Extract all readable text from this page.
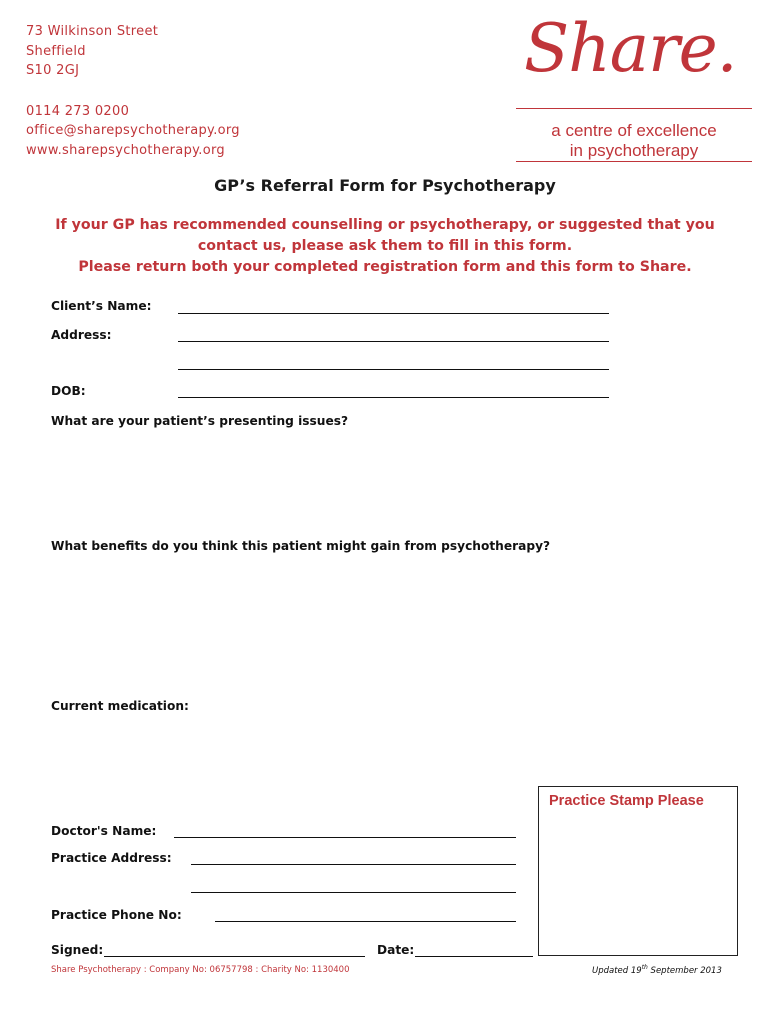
73 Wilkinson Street
Sheffield
S10 2GJ
0114 273 0200
office@sharepsychotherapy.org
www.sharepsychotherapy.org
Share.
a centre of excellence
in psychotherapy
GP’s Referral Form for Psychotherapy
If your GP has recommended counselling or psychotherapy, or suggested that you
contact us, please ask them to fill in this form.
Please return both your completed registration form and this form to Share.
Client’s Name:
Address:
DOB:
What are your patient’s presenting issues?
What benefits do you think this patient might gain from psychotherapy?
Current medication:
Practice Stamp Please
Doctor's Name:
Practice Address:
Practice Phone No:
Signed:	Date:
Share Psychotherapy : Company No: 06757798 : Charity No: 1130400	Updated 19th September 2013
